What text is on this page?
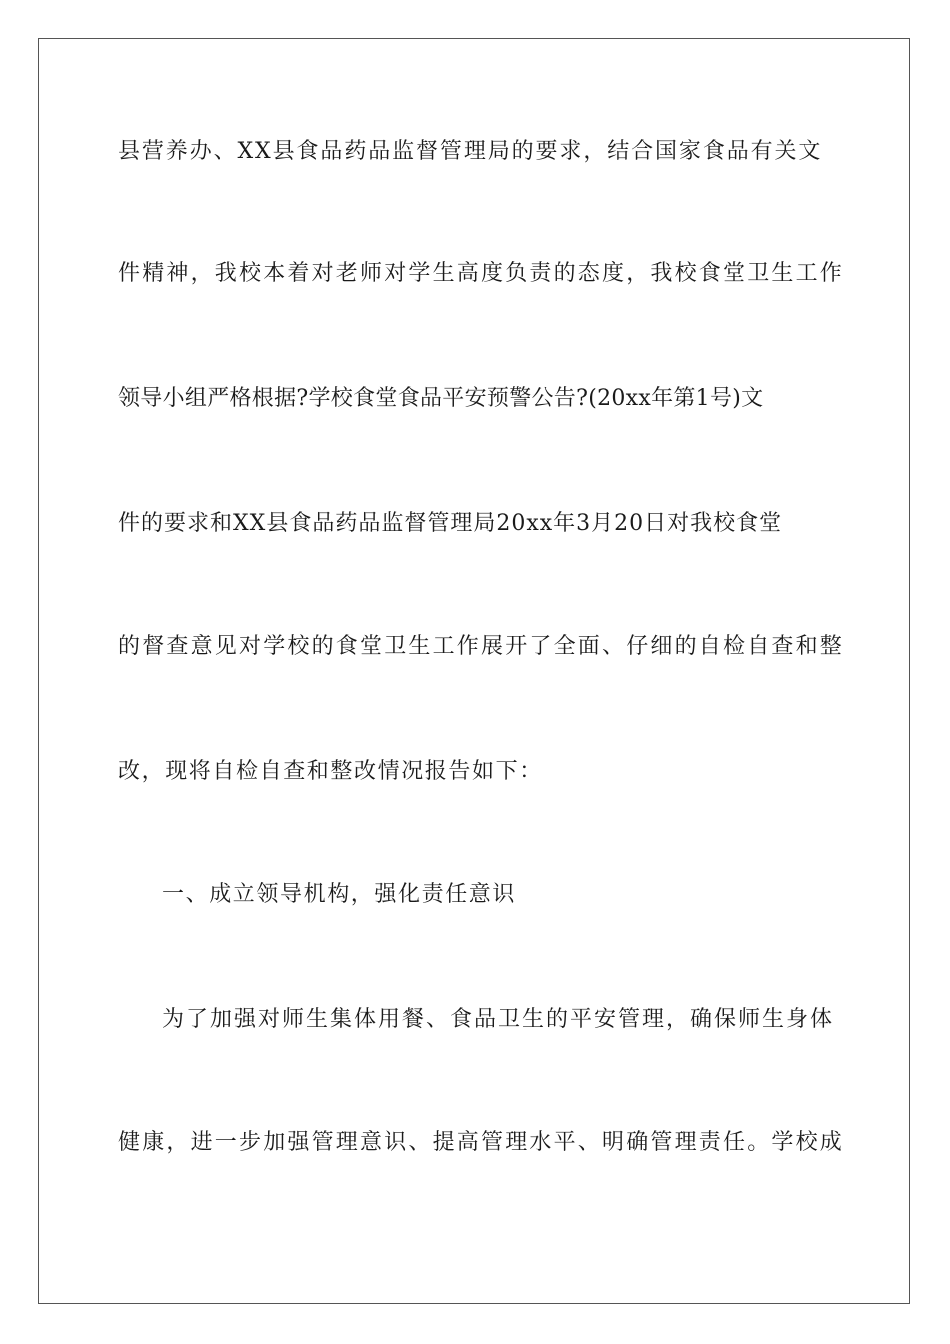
县营养办、XX县食品药品监督管理局的要求，结合国家食品有关文
件精神，我校本着对老师对学生高度负责的态度，我校食堂卫生工作
领导小组严格根据?学校食堂食品平安预警公告?(20xx年第1号)文
件的要求和XX县食品药品监督管理局20xx年3月20日对我校食堂
的督查意见对学校的食堂卫生工作展开了全面、仔细的自检自查和整
改，现将自检自查和整改情况报告如下：
一、成立领导机构，强化责任意识
为了加强对师生集体用餐、食品卫生的平安管理，确保师生身体
健康，进一步加强管理意识、提高管理水平、明确管理责任。学校成
